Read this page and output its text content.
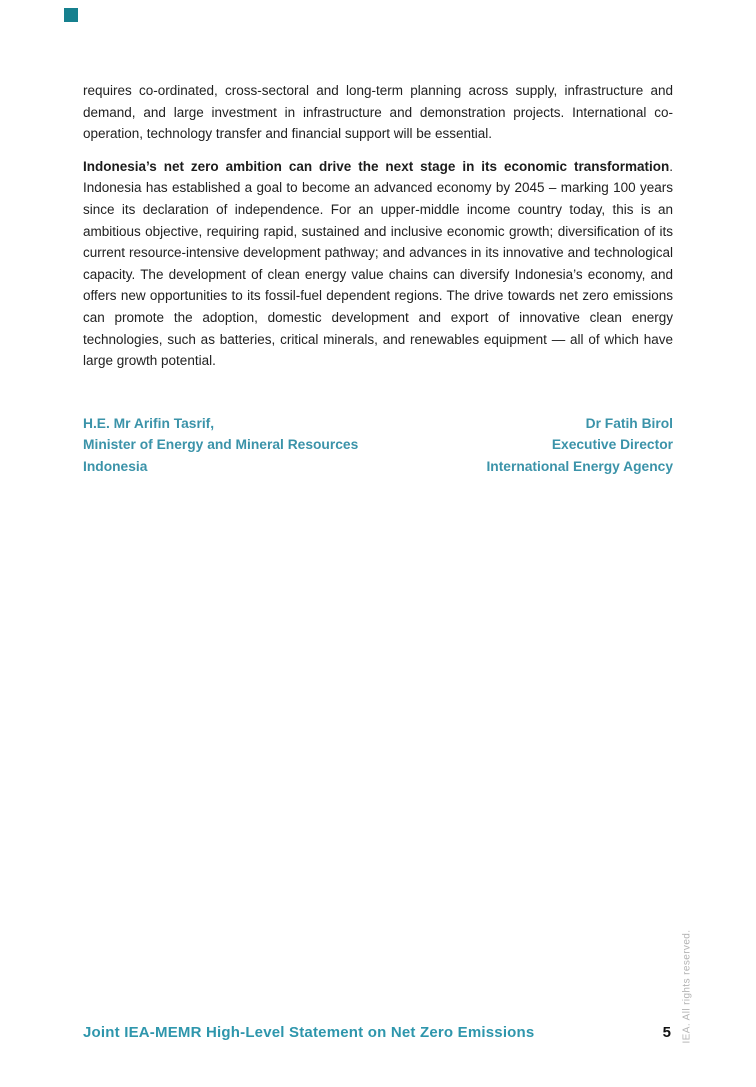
requires co-ordinated, cross-sectoral and long-term planning across supply, infrastructure and demand, and large investment in infrastructure and demonstration projects. International co-operation, technology transfer and financial support will be essential.

Indonesia’s net zero ambition can drive the next stage in its economic transformation. Indonesia has established a goal to become an advanced economy by 2045 – marking 100 years since its declaration of independence. For an upper-middle income country today, this is an ambitious objective, requiring rapid, sustained and inclusive economic growth; diversification of its current resource-intensive development pathway; and advances in its innovative and technological capacity. The development of clean energy value chains can diversify Indonesia’s economy, and offers new opportunities to its fossil-fuel dependent regions. The drive towards net zero emissions can promote the adoption, domestic development and export of innovative clean energy technologies, such as batteries, critical minerals, and renewables equipment — all of which have large growth potential.

H.E. Mr Arifin Tasrif,
Minister of Energy and Mineral Resources
Indonesia
Dr Fatih Birol
Executive Director
International Energy Agency
IEA. All rights reserved.
Joint IEA-MEMR High-Level Statement on Net Zero Emissions	5
